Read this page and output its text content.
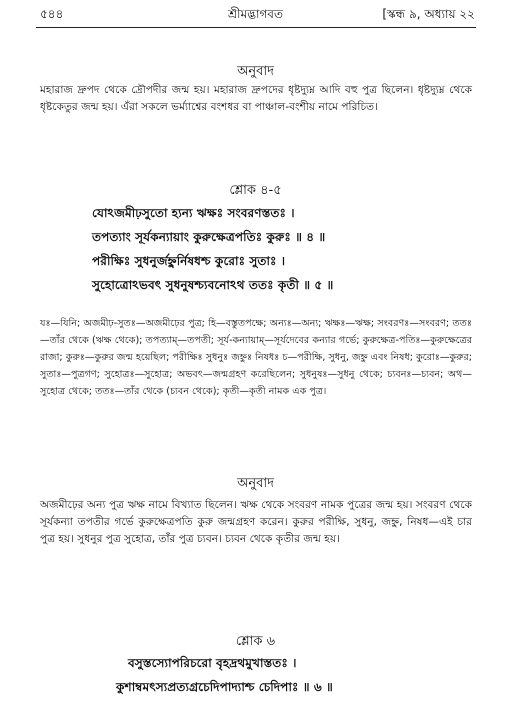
৫৪৪	শ্রীমদ্ভাগবত	[স্কন্ধ ৯, অধ্যায় ২২
অনুবাদ

মহারাজ দ্রুপদ থেকে দ্রৌপদীর জন্ম হয়। মহারাজ দ্রুপদের ধৃষ্টদ্যুম্ন আদি বহু পুত্র ছিলেন। ধৃষ্টদ্যুম্ন থেকে ধৃষ্টকেতুর জন্ম হয়। এঁরা সকলে ভর্ম্যাশ্বের বংশধর বা পাঞ্চাল-বংশীয় নামে পরিচিত।

শ্লোক ৪-৫

যোঽজমীঢ়সুতো হ্যন্য ঋক্ষঃ সংবরণস্ততঃ ।

তপত্যাং সূর্যকন্যায়াং কুরুক্ষেত্রপতিঃ কুরুঃ ॥ ৪ ॥

পরীক্ষিঃ সুধনুর্জহ্নুর্নিষধশ্চ কুরোঃ সুতাঃ ।

সুহোত্রোঽভবৎ সুধনুষশ্চ্যবনোঽথ ততঃ কৃতী ॥ ৫ ॥

যঃ—যিনি; অজমীঢ়-সুতঃ—অজমীঢ়ের পুত্র; হি—বস্তুতপক্ষে; অন্যঃ—অন্য; ঋক্ষঃ—ঋক্ষ; সংবরণঃ—সংবরণ; ততঃ—তাঁর থেকে (ঋক্ষ থেকে); তপত্যাম্—তপতী; সূর্য-কন্যায়াম্—সূর্যদেবের কন্যার গর্ভে; কুরুক্ষেত্র-পতিঃ—কুরুক্ষেত্রের রাজা; কুরুঃ—কুরুর জন্ম হয়েছিল; পরীক্ষিঃ সুধনুঃ জহ্নুঃ নিষধঃ চ—পরীক্ষি, সুধনু, জহ্নু এবং নিষধ; কুরোঃ—কুরুর; সুতাঃ—পুত্রগণ; সুহোত্রঃ—সুহোত্র; অভবৎ—জন্মগ্রহণ করেছিলেন; সুধনুষঃ—সুধনু থেকে; চ্যবনঃ—চ্যবন; অথ—সুহোত্র থেকে; ততঃ—তাঁর থেকে (চ্যবন থেকে); কৃতী—কৃতী নামক এক পুত্র।

অনুবাদ

অজমীঢ়ের অন্য পুত্র ঋক্ষ নামে বিখ্যাত ছিলেন। ঋক্ষ থেকে সংবরণ নামক পুত্রের জন্ম হয়। সংবরণ থেকে সূর্যকন্যা তপতীর গর্ভে কুরুক্ষেত্রপতি কুরু জন্মগ্রহণ করেন। কুরুর পরীক্ষি, সুধনু, জহ্নু, নিষধ—এই চার পুত্র হয়। সুধনুর পুত্র সুহোত্র, তাঁর পুত্র চ্যবন। চ্যবন থেকে কৃতীর জন্ম হয়।

শ্লোক ৬

বসুস্তস্যোপরিচরো বৃহদ্রথমুখাস্ততঃ ।

কুশাম্বমৎস্যপ্রত্যগ্রচেদিপাদ্যাশ্চ চেদিপাঃ ॥ ৬ ॥
